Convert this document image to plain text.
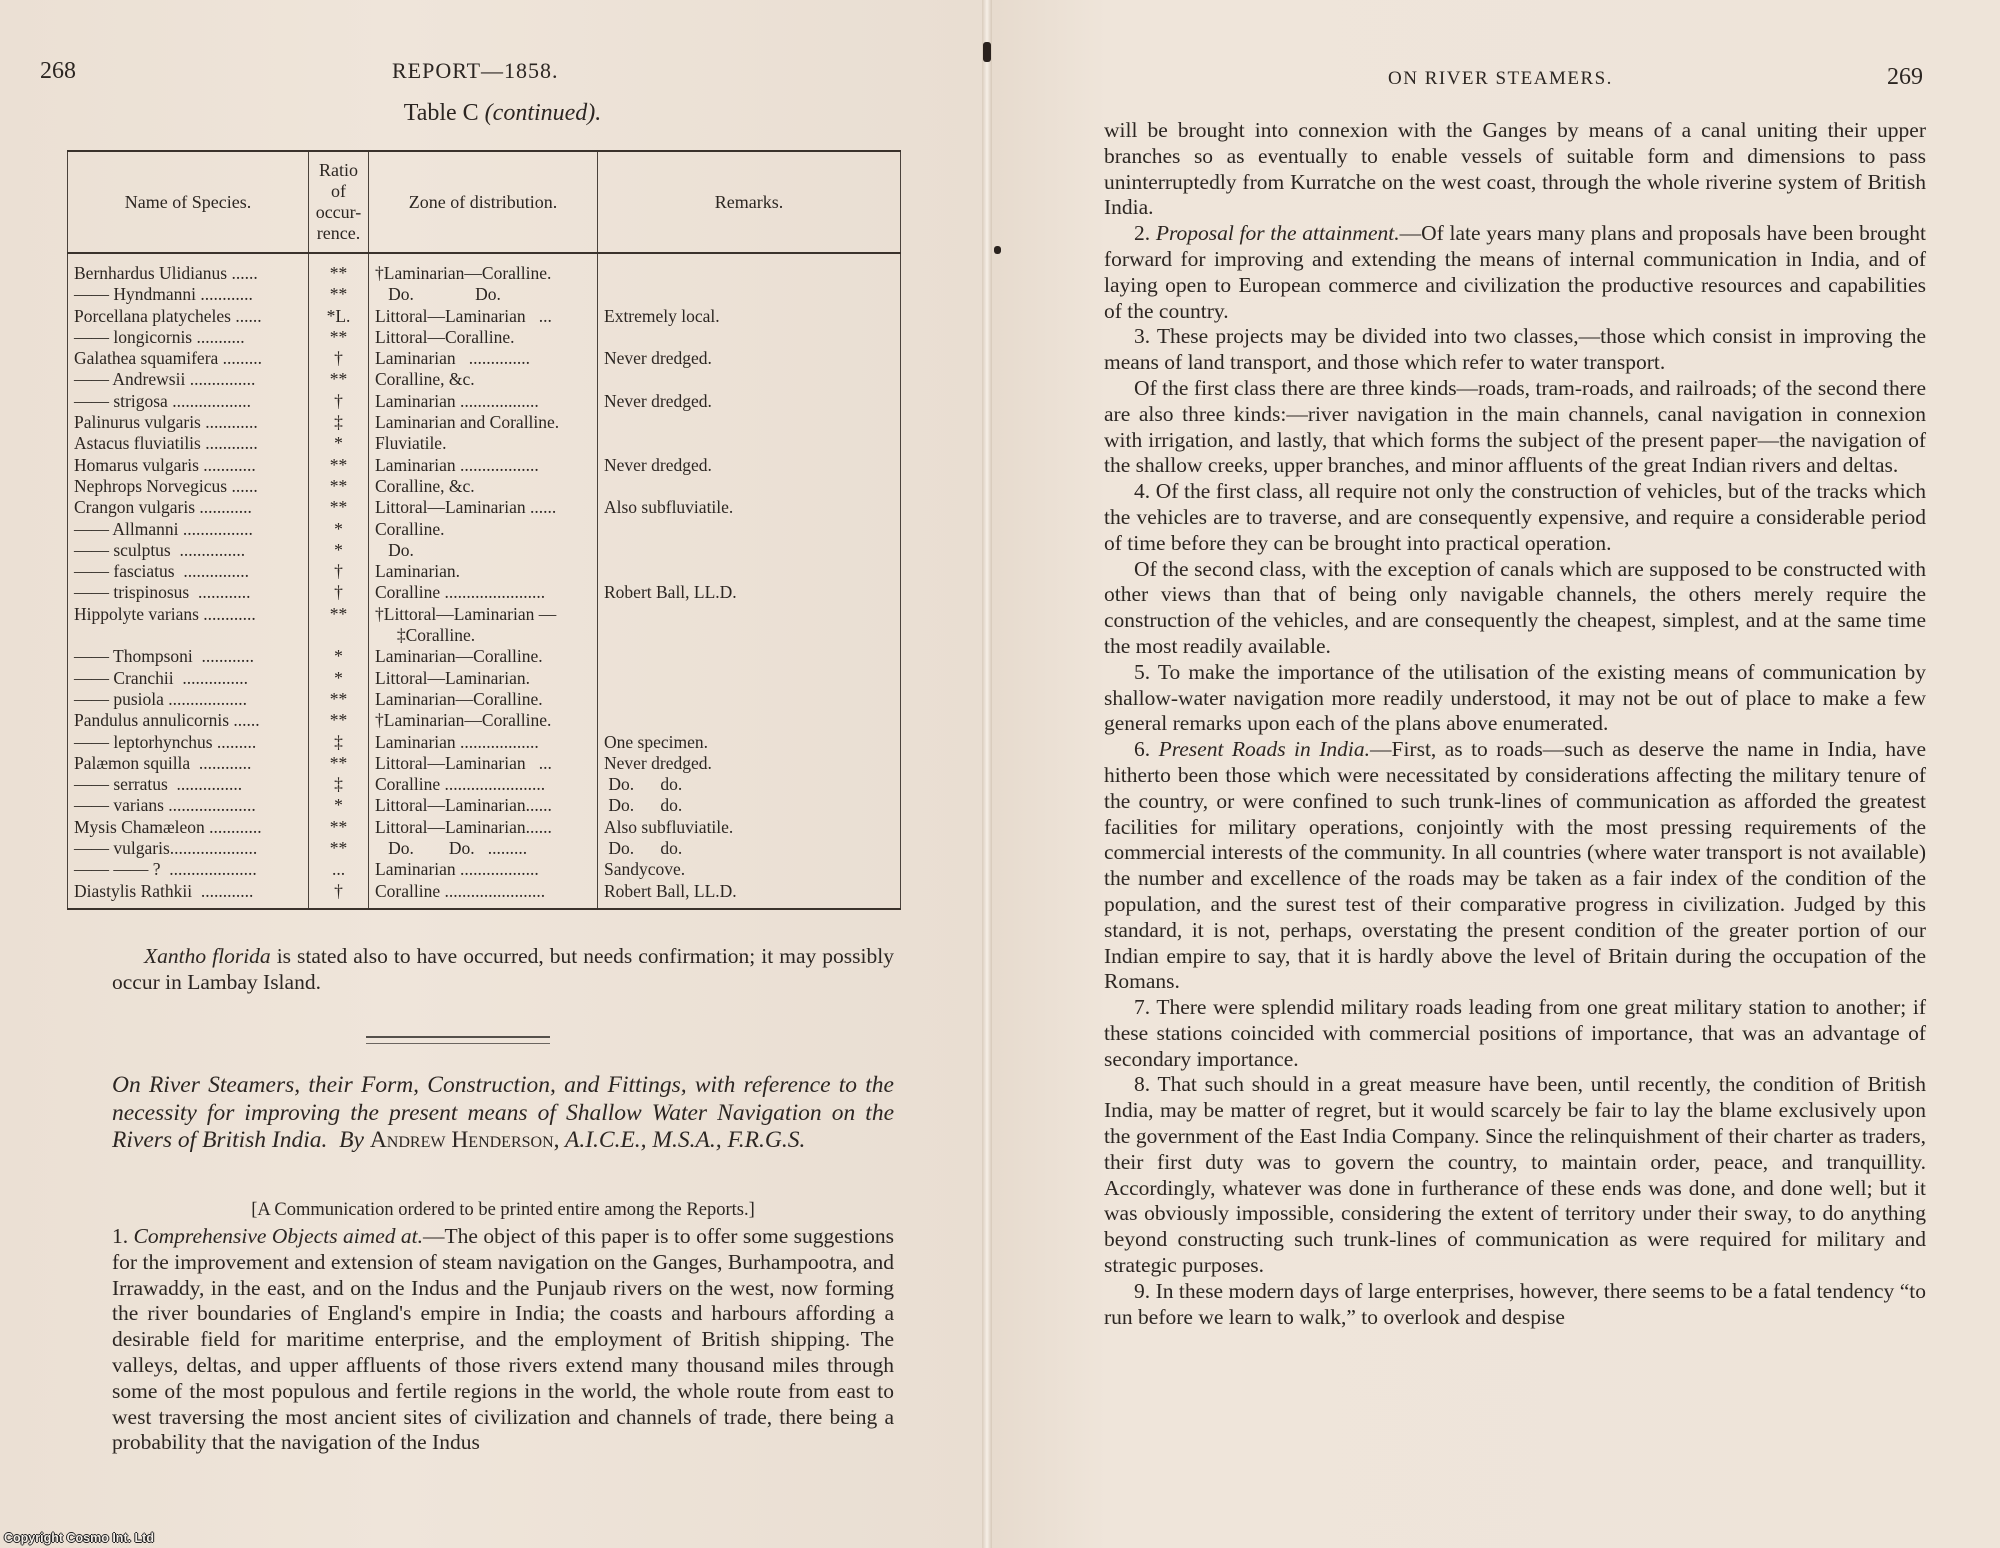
268	REPORT—1858.
Table C (continued).
Name of Species.	Ratio
of
occur-
rence.	Zone of distribution.	Remarks.
Bernhardus Ulidianus ......	**	†Laminarian—Coralline.	
—— Hyndmanni ............	**	Do.              Do.	
Porcellana platycheles ......	*L.	Littoral—Laminarian   ...	Extremely local.
—— longicornis ...........	**	Littoral—Coralline.	
Galathea squamifera .........	†	Laminarian   ..............	Never dredged.
—— Andrewsii ...............	**	Coralline, &c.	
—— strigosa ..................	†	Laminarian ..................	Never dredged.
Palinurus vulgaris ............	‡	Laminarian and Coralline.	
Astacus fluviatilis ............	*	Fluviatile.	
Homarus vulgaris ............	**	Laminarian ..................	Never dredged.
Nephrops Norvegicus ......	**	Coralline, &c.	
Crangon vulgaris ............	**	Littoral—Laminarian ......	Also subfluviatile.
—— Allmanni ................	*	Coralline.	
—— sculptus  ...............	*	Do.	
—— fasciatus  ...............	†	Laminarian.	
—— trispinosus  ............	†	Coralline .......................	Robert Ball, LL.D.
Hippolyte varians ............	**	†Littoral—Laminarian —	
		‡Coralline.	
—— Thompsoni  ............	*	Laminarian—Coralline.	
—— Cranchii  ...............	*	Littoral—Laminarian.	
—— pusiola ..................	**	Laminarian—Coralline.	
Pandulus annulicornis ......	**	†Laminarian—Coralline.	
—— leptorhynchus .........	‡	Laminarian ..................	One specimen.
Palæmon squilla  ............	**	Littoral—Laminarian   ...	Never dredged.
—— serratus  ...............	‡	Coralline .......................	Do.      do.
—— varians ....................	*	Littoral—Laminarian......	Do.      do.
Mysis Chamæleon ............	**	Littoral—Laminarian......	Also subfluviatile.
—— vulgaris....................	**	Do.        Do.   .........	Do.      do.
—— —— ?  ....................	...	Laminarian ..................	Sandycove.
Diastylis Rathkii  ............	†	Coralline .......................	Robert Ball, LL.D.

Xantho florida is stated also to have occurred, but needs confirmation; it may possibly occur in Lambay Island.

On River Steamers, their Form, Construction, and Fittings, with reference to the necessity for improving the present means of Shallow Water Navigation on the Rivers of British India. By Andrew Henderson, A.I.C.E., M.S.A., F.R.G.S.

[A Communication ordered to be printed entire among the Reports.]

1. Comprehensive Objects aimed at.—The object of this paper is to offer some suggestions for the improvement and extension of steam navigation on the Ganges, Burhampootra, and Irrawaddy, in the east, and on the Indus and the Punjaub rivers on the west, now forming the river boundaries of England's empire in India; the coasts and harbours affording a desirable field for maritime enterprise, and the employment of British shipping. The valleys, deltas, and upper affluents of those rivers extend many thousand miles through some of the most populous and fertile regions in the world, the whole route from east to west traversing the most ancient sites of civilization and channels of trade, there being a probability that the navigation of the Indus

ON RIVER STEAMERS.	269

will be brought into connexion with the Ganges by means of a canal uniting their upper branches so as eventually to enable vessels of suitable form and dimensions to pass uninterruptedly from Kurratche on the west coast, through the whole riverine system of British India.

2. Proposal for the attainment.—Of late years many plans and proposals have been brought forward for improving and extending the means of internal communication in India, and of laying open to European commerce and civilization the productive resources and capabilities of the country.

3. These projects may be divided into two classes,—those which consist in improving the means of land transport, and those which refer to water transport.

Of the first class there are three kinds—roads, tram-roads, and railroads; of the second there are also three kinds:—river navigation in the main channels, canal navigation in connexion with irrigation, and lastly, that which forms the subject of the present paper—the navigation of the shallow creeks, upper branches, and minor affluents of the great Indian rivers and deltas.

4. Of the first class, all require not only the construction of vehicles, but of the tracks which the vehicles are to traverse, and are consequently expensive, and require a considerable period of time before they can be brought into practical operation.

Of the second class, with the exception of canals which are supposed to be constructed with other views than that of being only navigable channels, the others merely require the construction of the vehicles, and are consequently the cheapest, simplest, and at the same time the most readily available.

5. To make the importance of the utilisation of the existing means of communication by shallow-water navigation more readily understood, it may not be out of place to make a few general remarks upon each of the plans above enumerated.

6. Present Roads in India.—First, as to roads—such as deserve the name in India, have hitherto been those which were necessitated by considerations affecting the military tenure of the country, or were confined to such trunk-lines of communication as afforded the greatest facilities for military operations, conjointly with the most pressing requirements of the commercial interests of the community. In all countries (where water transport is not available) the number and excellence of the roads may be taken as a fair index of the condition of the population, and the surest test of their comparative progress in civilization. Judged by this standard, it is not, perhaps, overstating the present condition of the greater portion of our Indian empire to say, that it is hardly above the level of Britain during the occupation of the Romans.

7. There were splendid military roads leading from one great military station to another; if these stations coincided with commercial positions of importance, that was an advantage of secondary importance.

8. That such should in a great measure have been, until recently, the condition of British India, may be matter of regret, but it would scarcely be fair to lay the blame exclusively upon the government of the East India Company. Since the relinquishment of their charter as traders, their first duty was to govern the country, to maintain order, peace, and tranquillity. Accordingly, whatever was done in furtherance of these ends was done, and done well; but it was obviously impossible, considering the extent of territory under their sway, to do anything beyond constructing such trunk-lines of communication as were required for military and strategic purposes.

9. In these modern days of large enterprises, however, there seems to be a fatal tendency “to run before we learn to walk,” to overlook and despise

Copyright Cosmo Int. Ltd
